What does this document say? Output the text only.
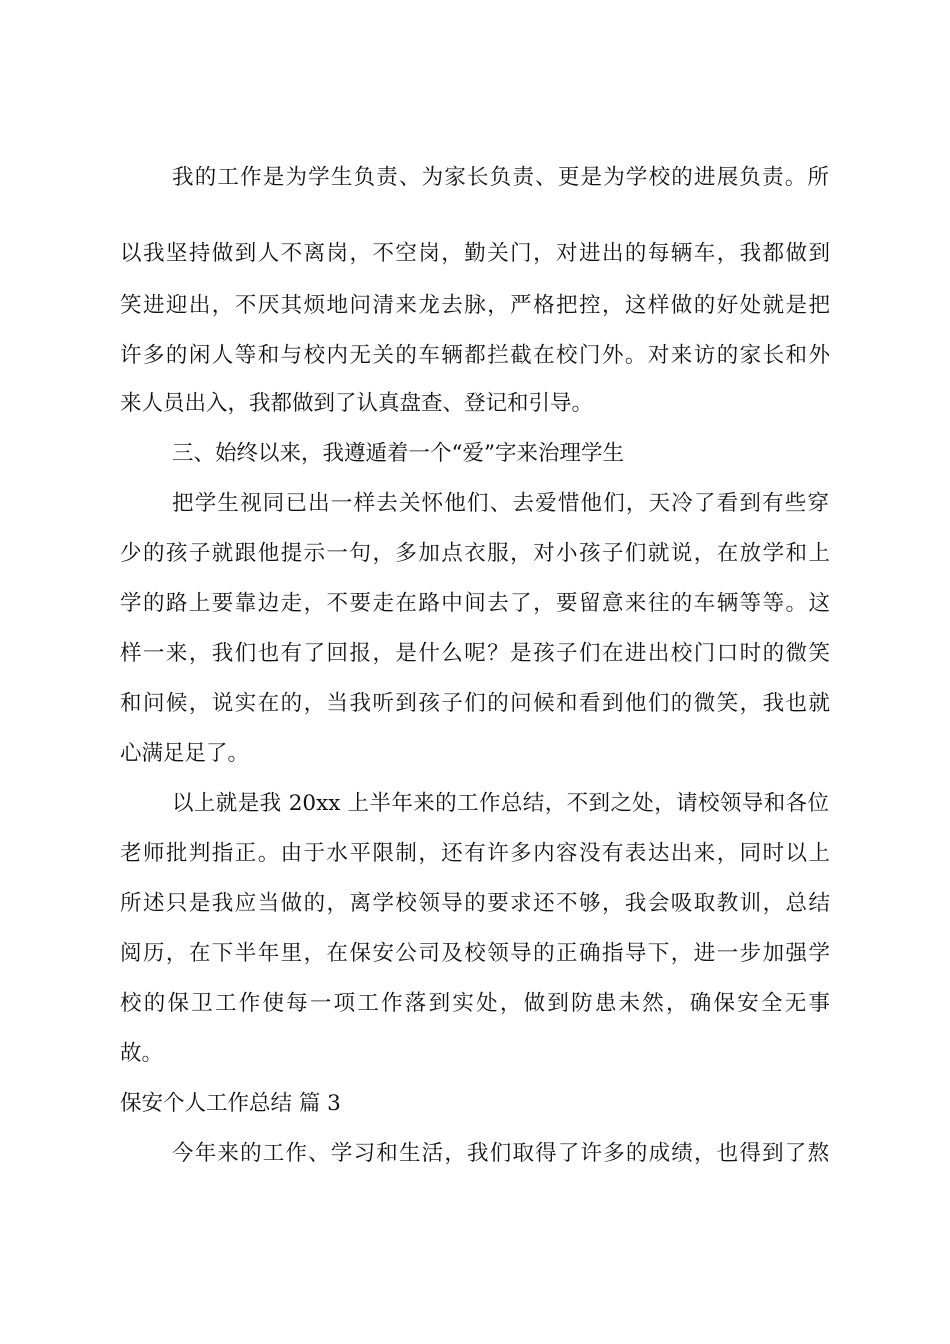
我的工作是为学生负责、为家长负责、更是为学校的进展负责。所
以我坚持做到人不离岗，不空岗，勤关门，对进出的每辆车，我都做到
笑进迎出，不厌其烦地问清来龙去脉，严格把控，这样做的好处就是把
许多的闲人等和与校内无关的车辆都拦截在校门外。对来访的家长和外
来人员出入，我都做到了认真盘查、登记和引导。
三、始终以来，我遵遁着一个“爱”字来治理学生
把学生视同已出一样去关怀他们、去爱惜他们，天冷了看到有些穿
少的孩子就跟他提示一句，多加点衣服，对小孩子们就说，在放学和上
学的路上要靠边走，不要走在路中间去了，要留意来往的车辆等等。这
样一来，我们也有了回报，是什么呢？是孩子们在进出校门口时的微笑
和问候，说实在的，当我听到孩子们的问候和看到他们的微笑，我也就
心满足足了。
以上就是我 20xx 上半年来的工作总结，不到之处，请校领导和各位
老师批判指正。由于水平限制，还有许多内容没有表达出来，同时以上
所述只是我应当做的，离学校领导的要求还不够，我会吸取教训，总结
阅历，在下半年里，在保安公司及校领导的正确指导下，进一步加强学
校的保卫工作使每一项工作落到实处，做到防患未然，确保安全无事
故。
保安个人工作总结 篇 3
今年来的工作、学习和生活，我们取得了许多的成绩，也得到了熬
